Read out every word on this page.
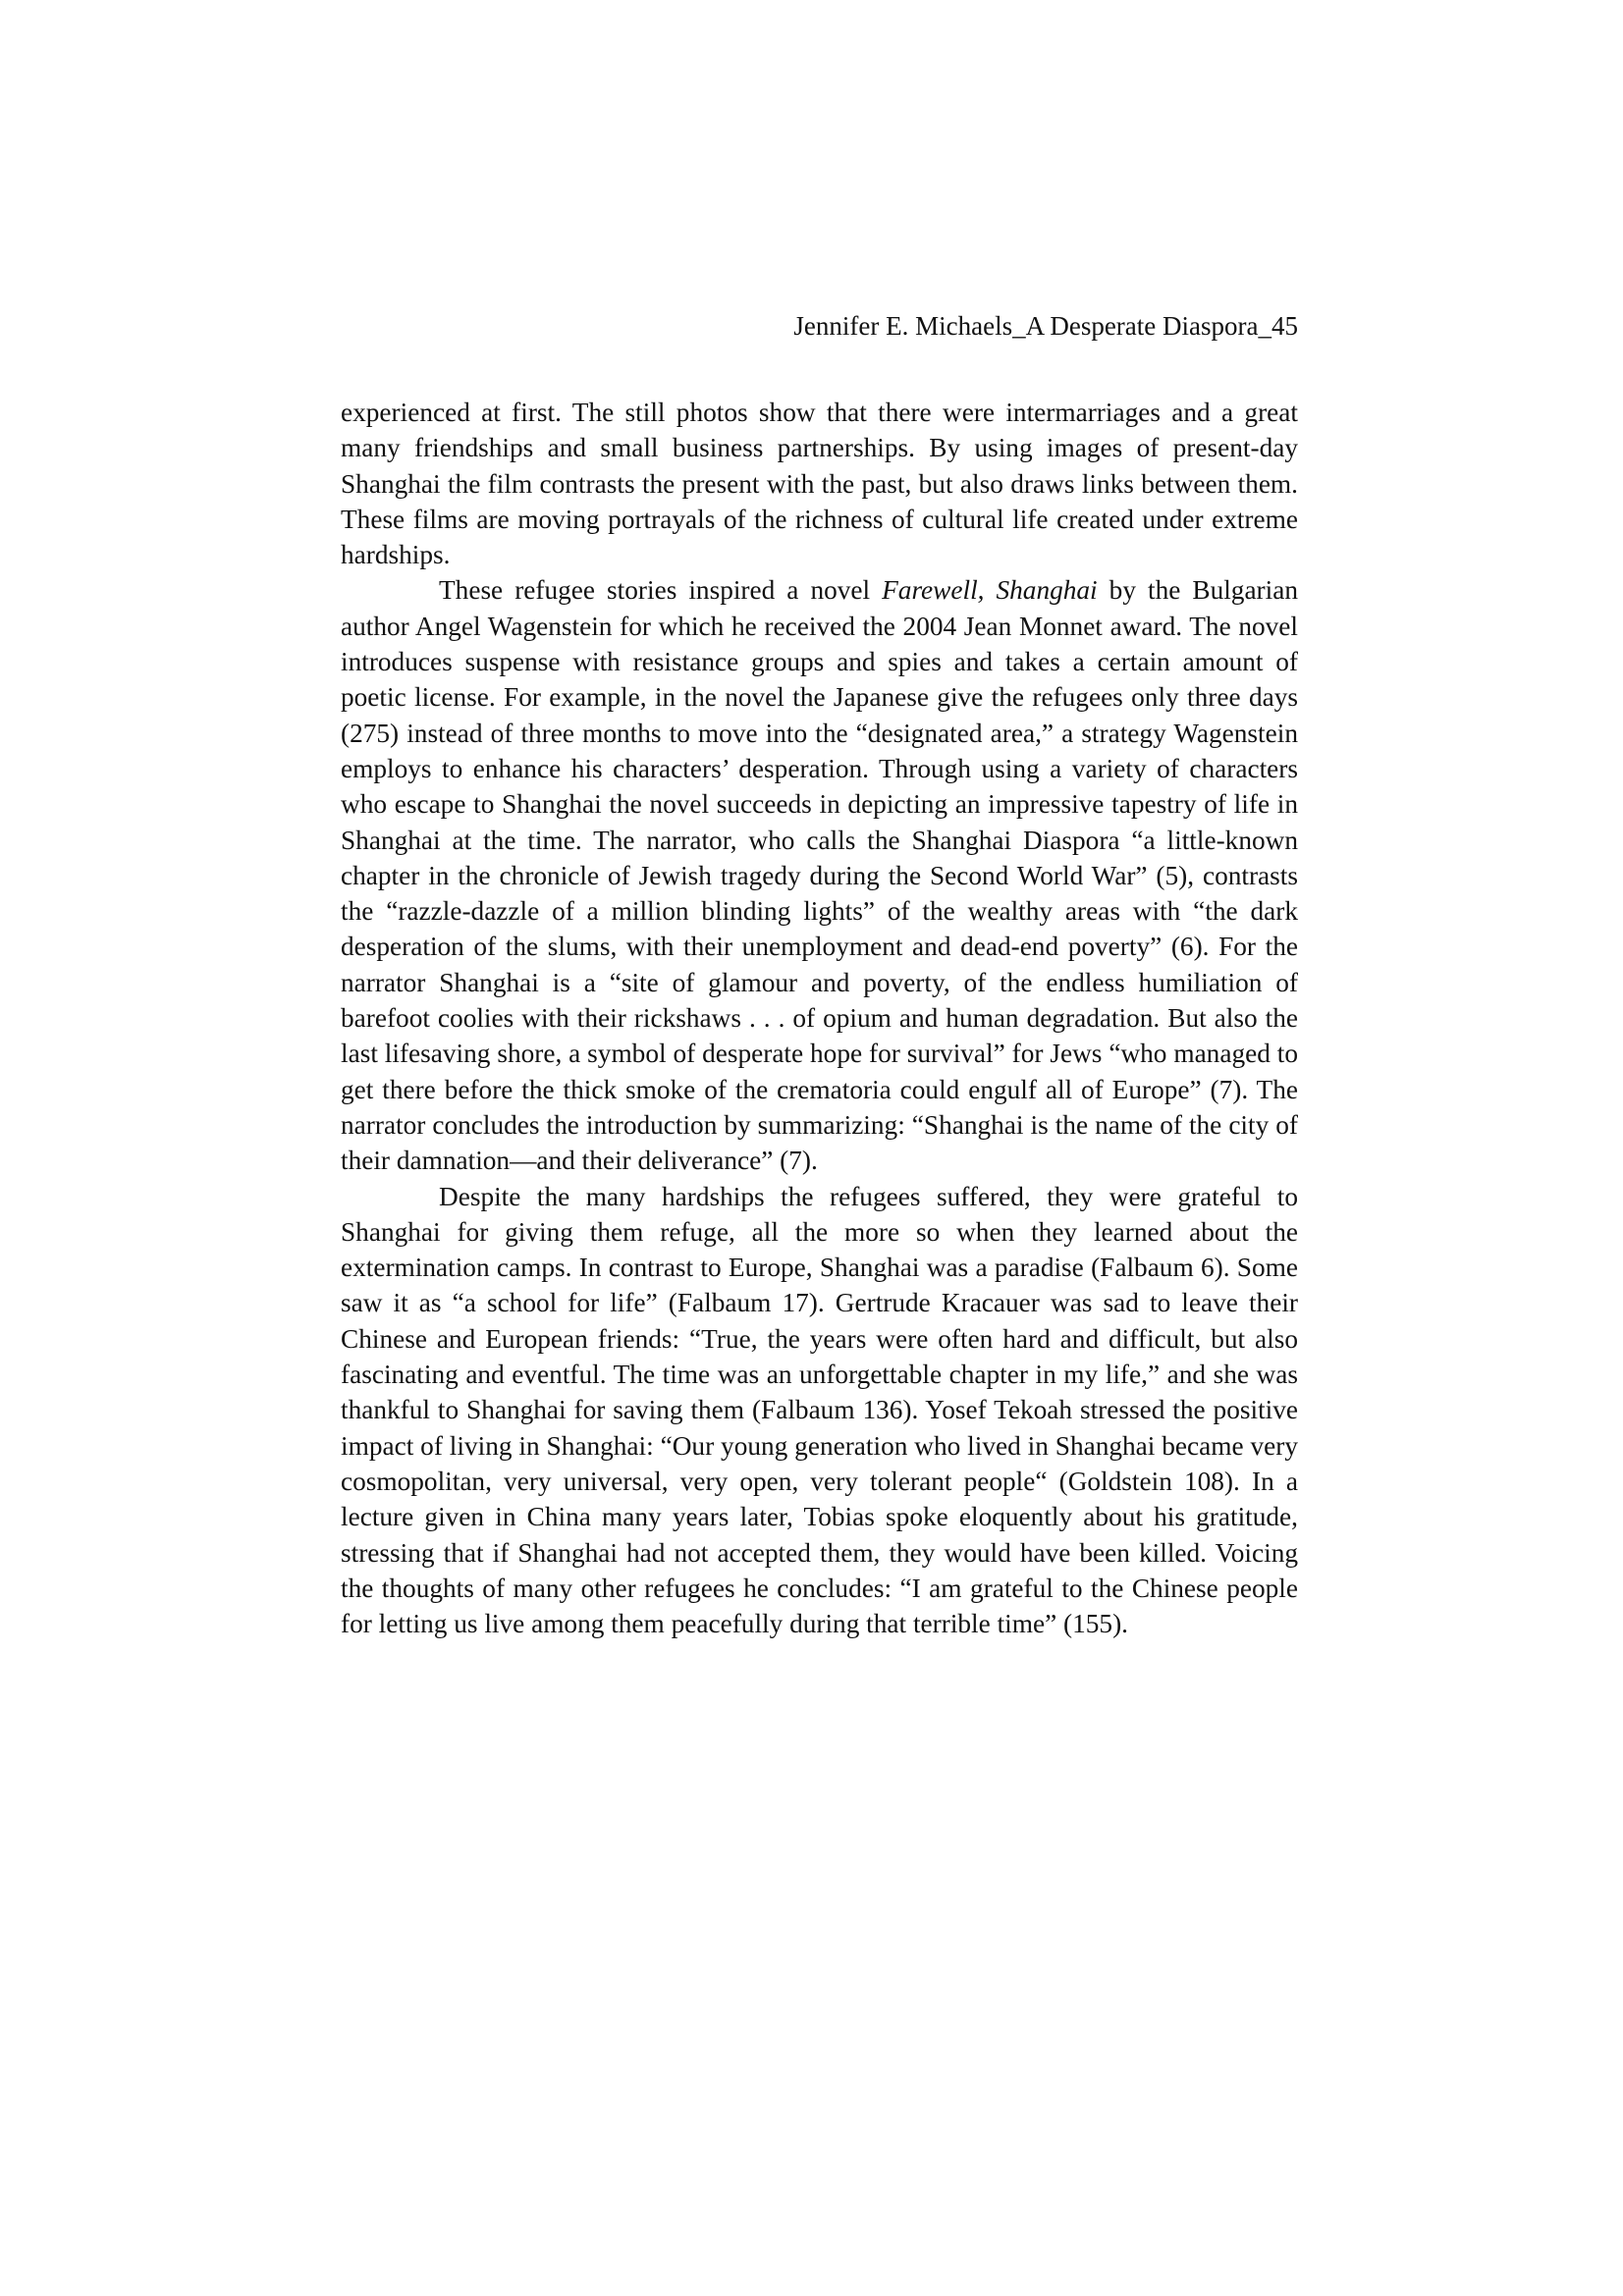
Jennifer E. Michaels_A Desperate Diaspora_45

experienced at first. The still photos show that there were intermarriages and a great many friendships and small business partnerships. By using images of present-day Shanghai the film contrasts the present with the past, but also draws links between them. These films are moving portrayals of the richness of cultural life created under extreme hardships.

These refugee stories inspired a novel Farewell, Shanghai by the Bulgarian author Angel Wagenstein for which he received the 2004 Jean Monnet award. The novel introduces suspense with resistance groups and spies and takes a certain amount of poetic license. For example, in the novel the Japanese give the refugees only three days (275) instead of three months to move into the “designated area,” a strategy Wagenstein employs to enhance his characters’ desperation. Through using a variety of characters who escape to Shanghai the novel succeeds in depicting an impressive tapestry of life in Shanghai at the time. The narrator, who calls the Shanghai Diaspora “a little-known chapter in the chronicle of Jewish tragedy during the Second World War” (5), contrasts the “razzle-dazzle of a million blinding lights” of the wealthy areas with “the dark desperation of the slums, with their unemployment and dead-end poverty” (6). For the narrator Shanghai is a “site of glamour and poverty, of the endless humiliation of barefoot coolies with their rickshaws . . . of opium and human degradation. But also the last lifesaving shore, a symbol of desperate hope for survival” for Jews “who managed to get there before the thick smoke of the crematoria could engulf all of Europe” (7). The narrator concludes the introduction by summarizing: “Shanghai is the name of the city of their damnation—and their deliverance” (7).

Despite the many hardships the refugees suffered, they were grateful to Shanghai for giving them refuge, all the more so when they learned about the extermination camps. In contrast to Europe, Shanghai was a paradise (Falbaum 6). Some saw it as “a school for life” (Falbaum 17). Gertrude Kracauer was sad to leave their Chinese and European friends: “True, the years were often hard and difficult, but also fascinating and eventful. The time was an unforgettable chapter in my life,” and she was thankful to Shanghai for saving them (Falbaum 136). Yosef Tekoah stressed the positive impact of living in Shanghai: “Our young generation who lived in Shanghai became very cosmopolitan, very universal, very open, very tolerant people“ (Goldstein 108). In a lecture given in China many years later, Tobias spoke eloquently about his gratitude, stressing that if Shanghai had not accepted them, they would have been killed. Voicing the thoughts of many other refugees he concludes: “I am grateful to the Chinese people for letting us live among them peacefully during that terrible time” (155).
